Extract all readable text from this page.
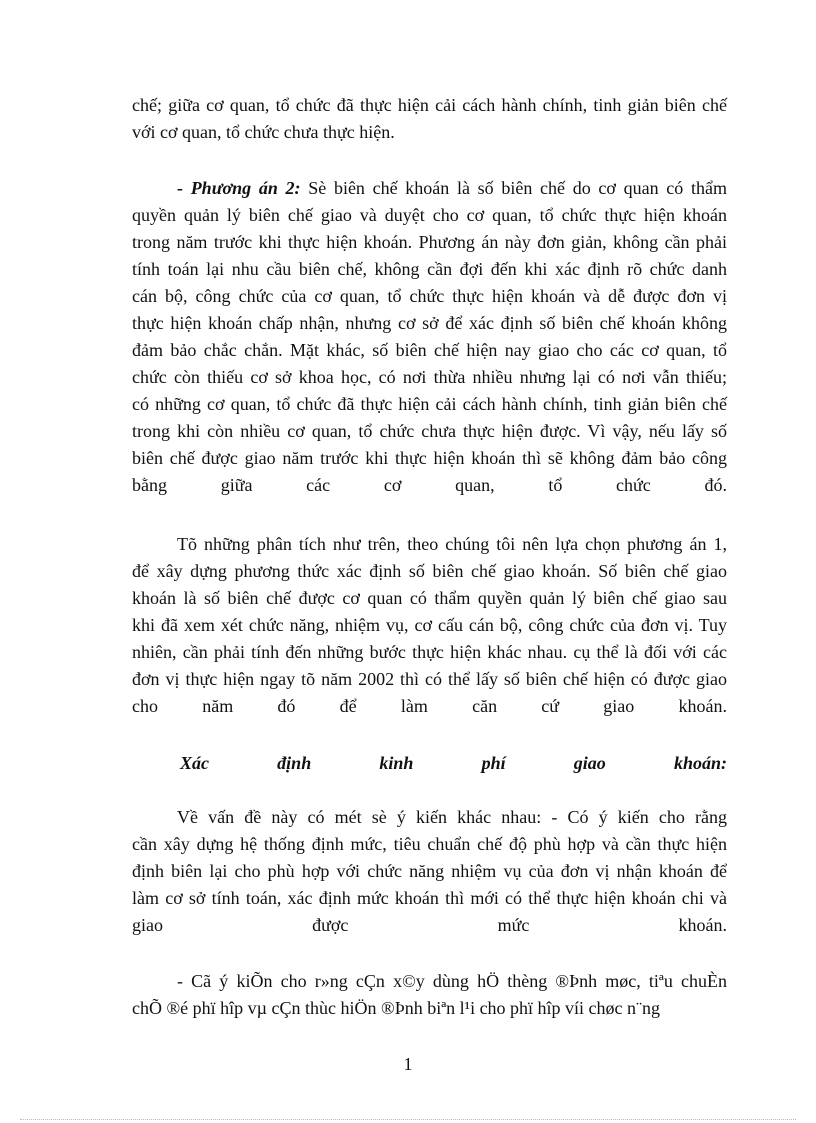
chế; giữa cơ quan, tổ chức đã thực hiện cải cách hành chính, tinh giản biên chế
với cơ quan, tổ chức chưa thực hiện.
- Phương án 2: Sè biên chế khoán là số biên chế do cơ quan có thẩm
quyền quản lý biên chế giao và duyệt cho cơ quan, tổ chức thực hiện khoán
trong năm trước khi thực hiện khoán. Phương án này đơn giản, không cần phải
tính toán lại nhu cầu biên chế, không cần đợi đến khi xác định rõ chức danh
cán bộ, công chức của cơ quan, tổ chức thực hiện khoán và dễ được đơn vị
thực hiện khoán chấp nhận, nhưng cơ sở để xác định số biên chế khoán không
đảm bảo chắc chắn. Mặt khác, số biên chế hiện nay giao cho các cơ quan, tổ
chức còn thiếu cơ sở khoa học, có nơi thừa nhiều nhưng lại có nơi vẫn thiếu;
có những cơ quan, tổ chức đã thực hiện cải cách hành chính, tinh giản biên chế
trong khi còn nhiều cơ quan, tổ chức chưa thực hiện được. Vì vậy, nếu lấy số
biên chế được giao năm trước khi thực hiện khoán thì sẽ không đảm bảo công
bằng giữa các cơ quan, tổ chức đó.
Tõ những phân tích như trên, theo chúng tôi nên lựa chọn phương án 1,
để xây dựng phương thức xác định số biên chế giao khoán. Số biên chế giao
khoán là số biên chế được cơ quan có thẩm quyền quản lý biên chế giao sau
khi đã xem xét chức năng, nhiệm vụ, cơ cấu cán bộ, công chức của đơn vị. Tuy
nhiên, cần phải tính đến những bước thực hiện khác nhau. cụ thể là đối với các
đơn vị thực hiện ngay tõ năm 2002 thì có thể lấy số biên chế hiện có được giao
cho năm đó để làm căn cứ giao khoán.
Xác định kinh phí giao khoán:
Về vấn đề này có mét sè ý kiến khác nhau: - Có ý kiến cho rằng
cần xây dựng hệ thống định mức, tiêu chuẩn chế độ phù hợp và cần thực hiện
định biên lại cho phù hợp với chức năng nhiệm vụ của đơn vị nhận khoán để
làm cơ sở tính toán, xác định mức khoán thì mới có thể thực hiện khoán chi và
giao được mức khoán.
- Cã ý kiÕn cho r»ng cÇn x©y dùng hÖ thèng ®Þnh møc, tiªu chuÈn
chÕ ®é phï hîp vµ cÇn thùc hiÖn ®Þnh biªn l¹i cho phï hîp víi chøc n¨ng
1
